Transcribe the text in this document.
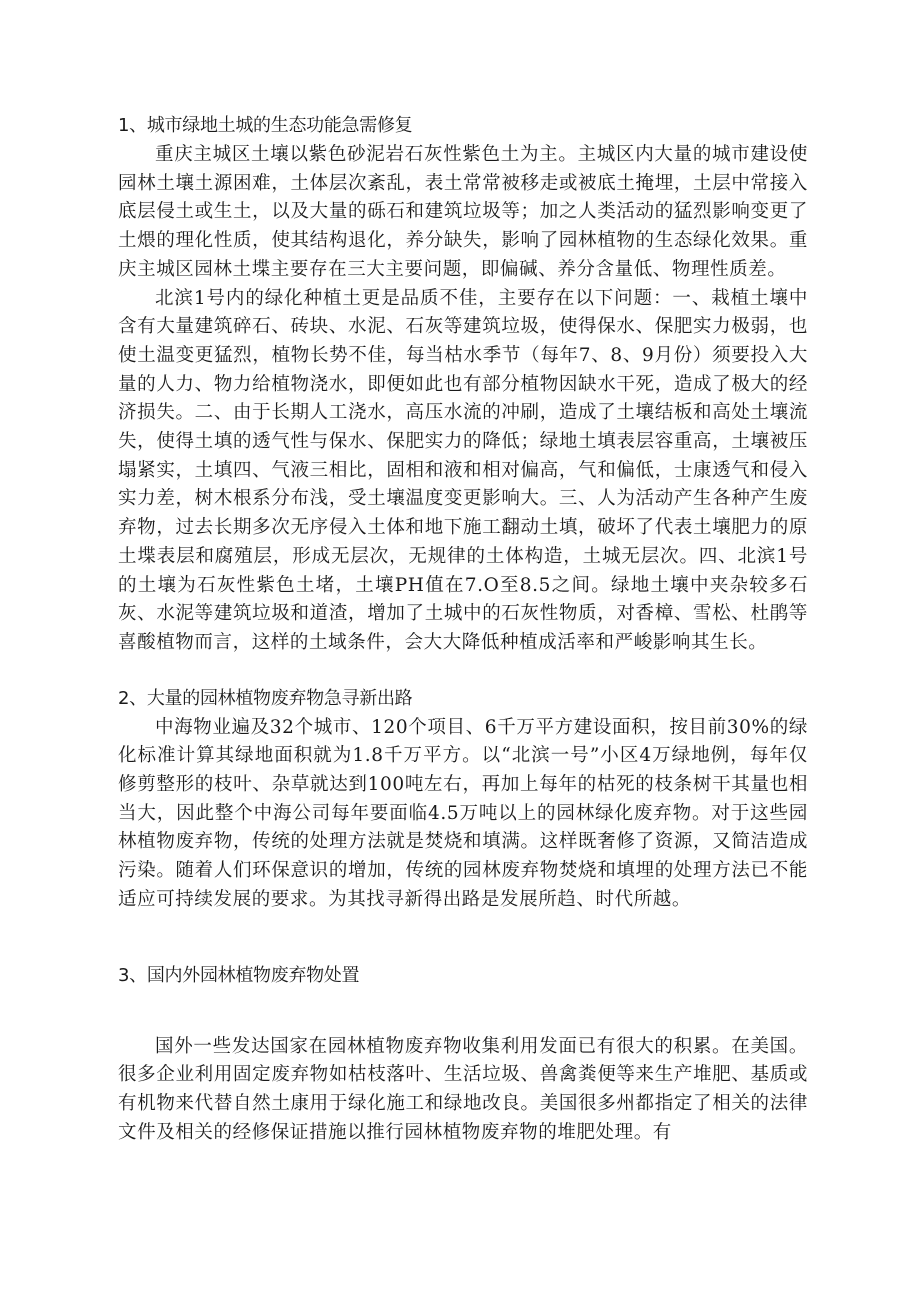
1、城市绿地土城的生态功能急需修复

重庆主城区土壤以紫色砂泥岩石灰性紫色土为主。主城区内大量的城市建设使园林土壤土源困难，土体层次紊乱，表土常常被移走或被底土掩埋，土层中常接入底层侵土或生土，以及大量的砾石和建筑垃圾等；加之人类活动的猛烈影响变更了土煨的理化性质，使其结构退化，养分缺失，影响了园林植物的生态绿化效果。重庆主城区园林土堞主要存在三大主要问题，即偏碱、养分含量低、物理性质差。

北滨1号内的绿化种植土更是品质不佳，主要存在以下问题：一、栽植土壤中含有大量建筑碎石、砖块、水泥、石灰等建筑垃圾，使得保水、保肥实力极弱，也使土温变更猛烈，植物长势不佳，每当枯水季节（每年7、8、9月份）须要投入大量的人力、物力给植物浇水，即便如此也有部分植物因缺水干死，造成了极大的经济损失。二、由于长期人工浇水，高压水流的冲刷，造成了土壤结板和高处土壤流失，使得土填的透气性与保水、保肥实力的降低；绿地土填表层容重高，土壤被压塌紧实，土填四、气液三相比，固相和液和相对偏高，气和偏低，士康透气和侵入实力差，树木根系分布浅，受土壤温度变更影响大。三、人为活动产生各种产生废弃物，过去长期多次无序侵入土体和地下施工翻动土填，破坏了代表土壤肥力的原土堞表层和腐殖层，形成无层次，无规律的土体构造，土城无层次。四、北滨1号的土壤为石灰性紫色土堵，土壤PH值在7.O至8.5之间。绿地土壤中夹杂较多石灰、水泥等建筑垃圾和道渣，增加了土城中的石灰性物质，对香樟、雪松、杜鹃等喜酸植物而言，这样的土域条件，会大大降低种植成活率和严峻影响其生长。

2、大量的园林植物废弃物急寻新出路

中海物业遍及32个城市、120个项目、6千万平方建设面积，按目前30%的绿化标准计算其绿地面积就为1.8千万平方。以“北滨一号”小区4万绿地例，每年仅修剪整形的枝叶、杂草就达到100吨左右，再加上每年的枯死的枝条树干其量也相当大，因此整个中海公司每年要面临4.5万吨以上的园林绿化废弃物。对于这些园林植物废弃物，传统的处理方法就是焚烧和填满。这样既奢修了资源，又简洁造成污染。随着人们环保意识的增加，传统的园林废弃物焚烧和填埋的处理方法已不能适应可持续发展的要求。为其找寻新得出路是发展所趋、时代所越。

3、国内外园林植物废弃物处置

国外一些发达国家在园林植物废弃物收集利用发面已有很大的积累。在美国。很多企业利用固定废弃物如枯枝落叶、生活垃圾、兽禽粪便等来生产堆肥、基质或有机物来代替自然土康用于绿化施工和绿地改良。美国很多州都指定了相关的法律文件及相关的经修保证措施以推行园林植物废弃物的堆肥处理。有
